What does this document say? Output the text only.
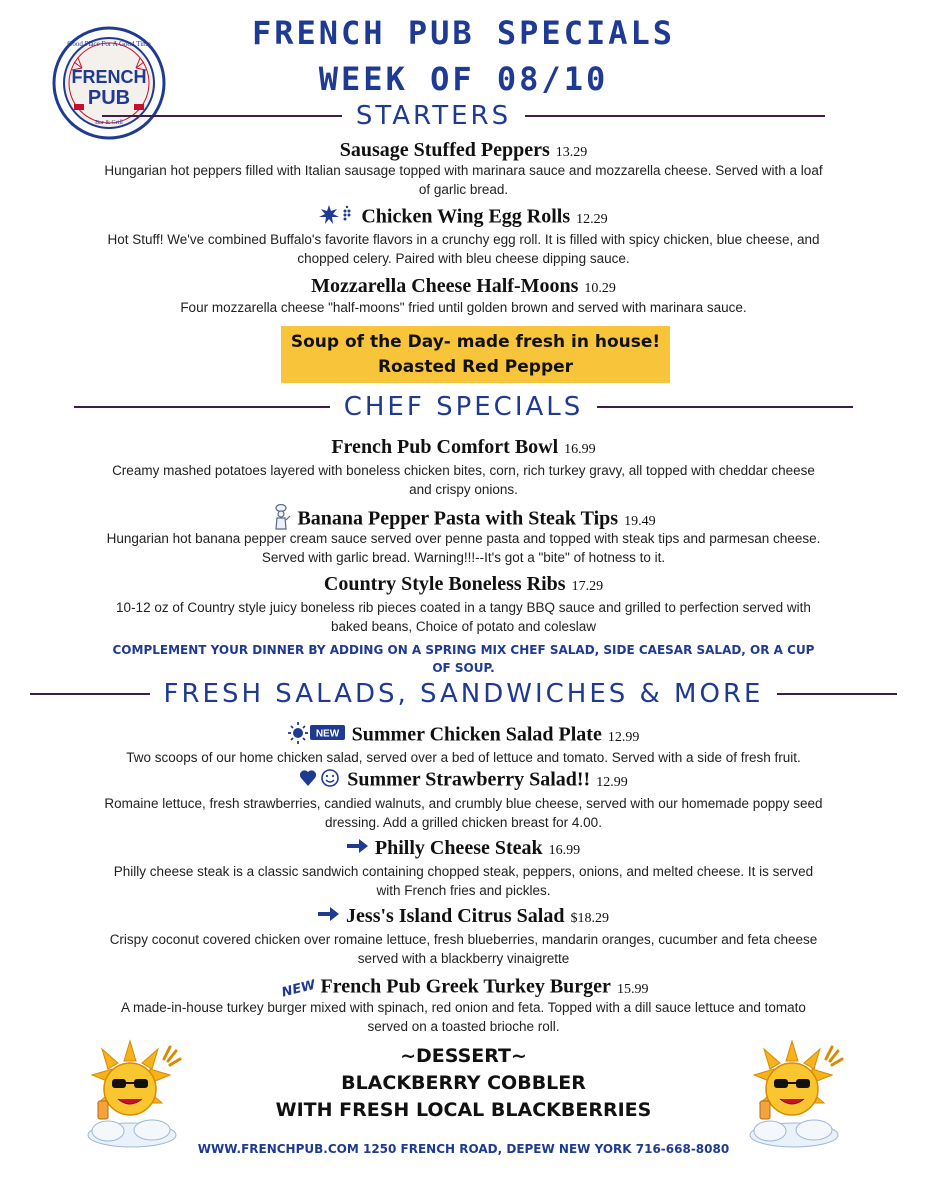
FRENCH
PUB
Good Place For A Good Time
Bar & Grill
FRENCH PUB SPECIALS
WEEK OF 08/10
STARTERS
Sausage Stuffed Peppers 13.29
Hungarian hot peppers filled with Italian sausage topped with marinara sauce and mozzarella cheese. Served with a loaf of garlic bread.
Chicken Wing Egg Rolls 12.29
Hot Stuff! We've combined Buffalo's favorite flavors in a crunchy egg roll. It is filled with spicy chicken, blue cheese, and chopped celery. Paired with bleu cheese dipping sauce.
Mozzarella Cheese Half-Moons 10.29
Four mozzarella cheese "half-moons" fried until golden brown and served with marinara sauce.
Soup of the Day- made fresh in house!
Roasted Red Pepper
CHEF SPECIALS
French Pub Comfort Bowl 16.99
Creamy mashed potatoes layered with boneless chicken bites, corn, rich turkey gravy, all topped with cheddar cheese and crispy onions.
Banana Pepper Pasta with Steak Tips 19.49
Hungarian hot banana pepper cream sauce served over penne pasta and topped with steak tips and parmesan cheese. Served with garlic bread. Warning!!!--It's got a "bite" of hotness to it.
Country Style Boneless Ribs 17.29
10-12 oz of Country style juicy boneless rib pieces coated in a tangy BBQ sauce and grilled to perfection served with baked beans, Choice of potato and coleslaw
COMPLEMENT YOUR DINNER BY ADDING ON A SPRING MIX CHEF SALAD, SIDE CAESAR SALAD, OR A CUP OF SOUP.
FRESH SALADS, SANDWICHES & MORE
NEW Summer Chicken Salad Plate 12.99
Two scoops of our home chicken salad, served over a bed of lettuce and tomato. Served with a side of fresh fruit.
Summer Strawberry Salad!! 12.99
Romaine lettuce, fresh strawberries, candied walnuts, and crumbly blue cheese, served with our homemade poppy seed dressing. Add a grilled chicken breast for 4.00.
Philly Cheese Steak 16.99
Philly cheese steak is a classic sandwich containing chopped steak, peppers, onions, and melted cheese. It is served with French fries and pickles.
Jess's Island Citrus Salad $18.29
Crispy coconut covered chicken over romaine lettuce, fresh blueberries, mandarin oranges, cucumber and feta cheese served with a blackberry vinaigrette
NEW French Pub Greek Turkey Burger 15.99
A made-in-house turkey burger mixed with spinach, red onion and feta. Topped with a dill sauce lettuce and tomato served on a toasted brioche roll.
~DESSERT~
BLACKBERRY COBBLER
WITH FRESH LOCAL BLACKBERRIES
WWW.FRENCHPUB.COM 1250 FRENCH ROAD, DEPEW NEW YORK 716-668-8080
